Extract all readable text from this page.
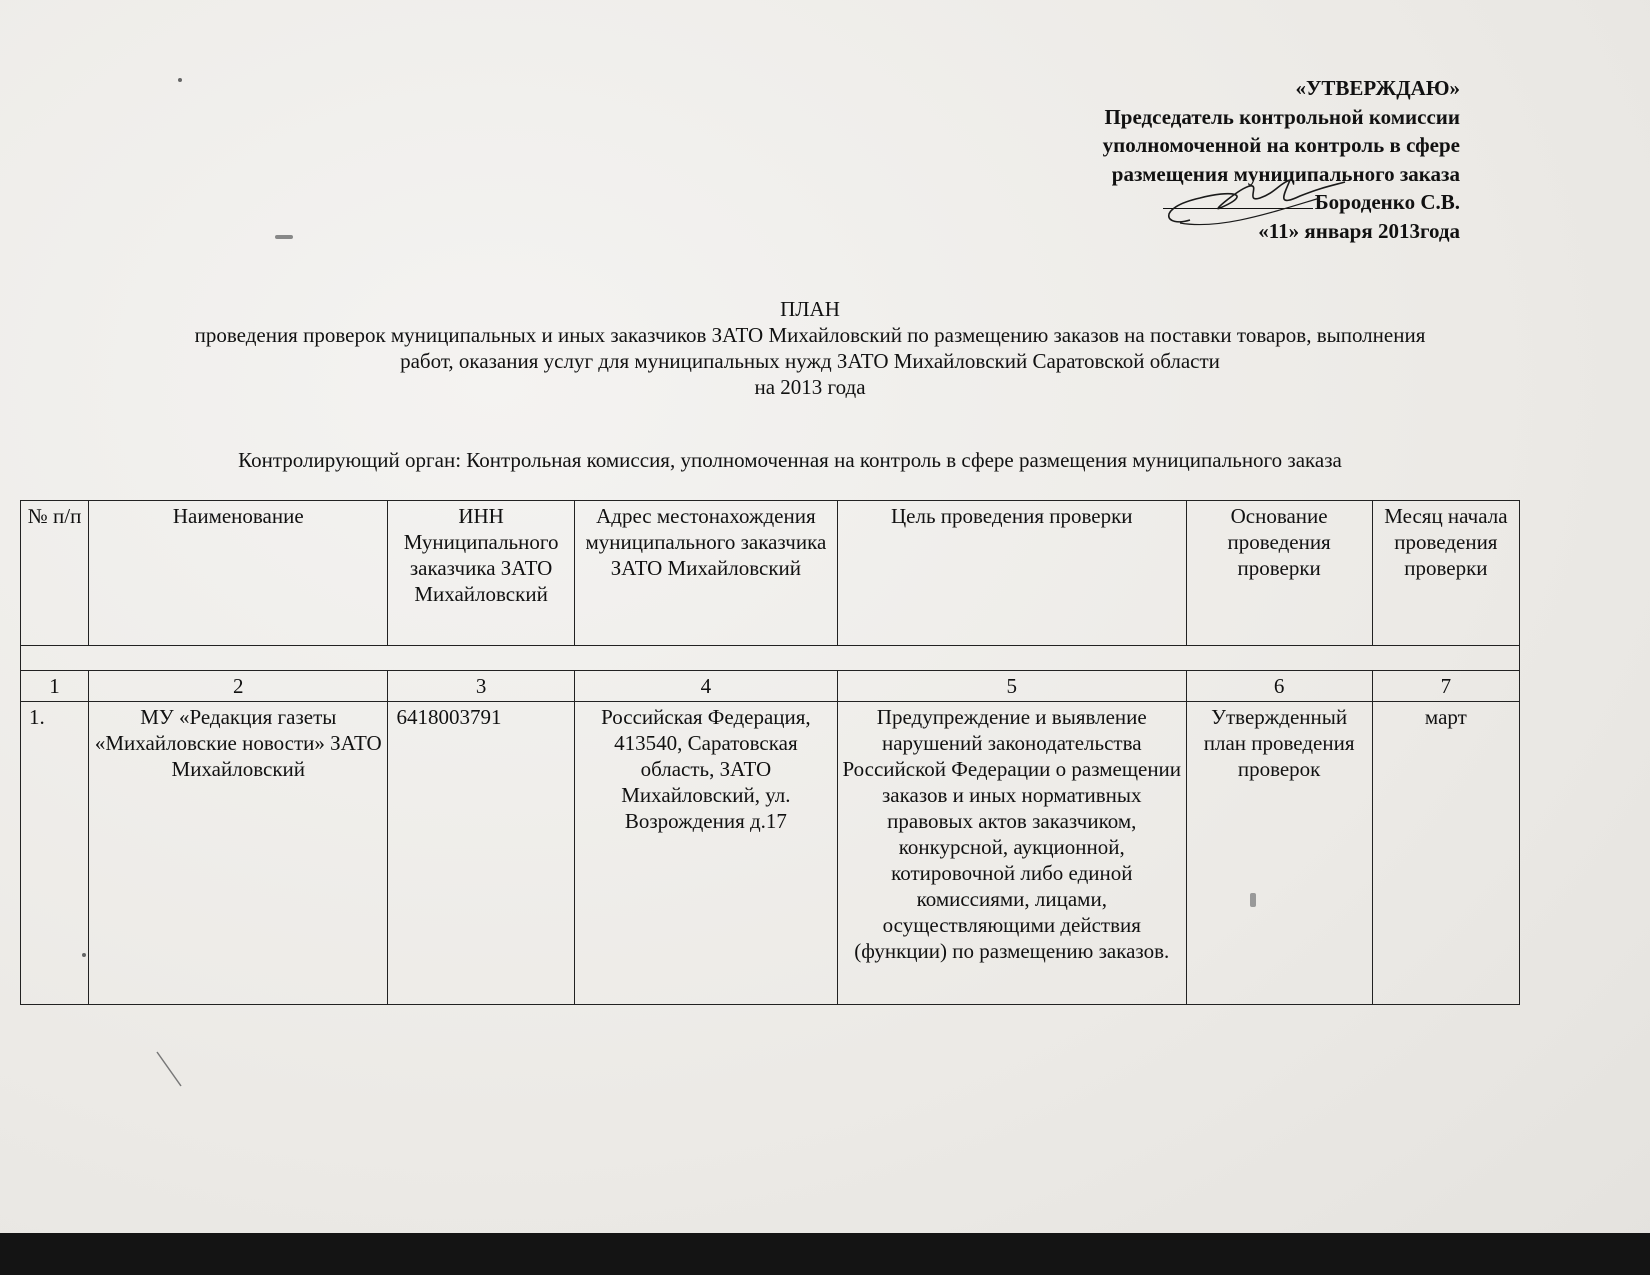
«УТВЕРЖДАЮ»
Председатель контрольной комиссии
уполномоченной на контроль в сфере
размещения муниципального заказа
Бороденко С.В.
«11» января 2013года
ПЛАН
проведения проверок муниципальных и иных заказчиков ЗАТО Михайловский по размещению заказов на поставки товаров, выполнения
работ, оказания услуг для муниципальных нужд ЗАТО Михайловский Саратовской области
на 2013 года
Контролирующий орган: Контрольная комиссия, уполномоченная на контроль в сфере размещения муниципального заказа
№ п/п	Наименование	ИНН Муниципального заказчика ЗАТО Михайловский	Адрес местонахождения муниципального заказчика ЗАТО Михайловский	Цель проведения проверки	Основание проведения проверки	Месяц начала проведения проверки

1	2	3	4	5	6	7
1.	МУ «Редакция газеты «Михайловские новости» ЗАТО Михайловский	6418003791	Российская Федерация, 413540, Саратовская область, ЗАТО Михайловский, ул. Возрождения д.17	Предупреждение и выявление нарушений законодательства Российской Федерации о размещении заказов и иных нормативных правовых актов заказчиком, конкурсной, аукционной, котировочной либо единой комиссиями, лицами, осуществляющими действия (функции) по размещению заказов.	Утвержденный план проведения проверок	март
